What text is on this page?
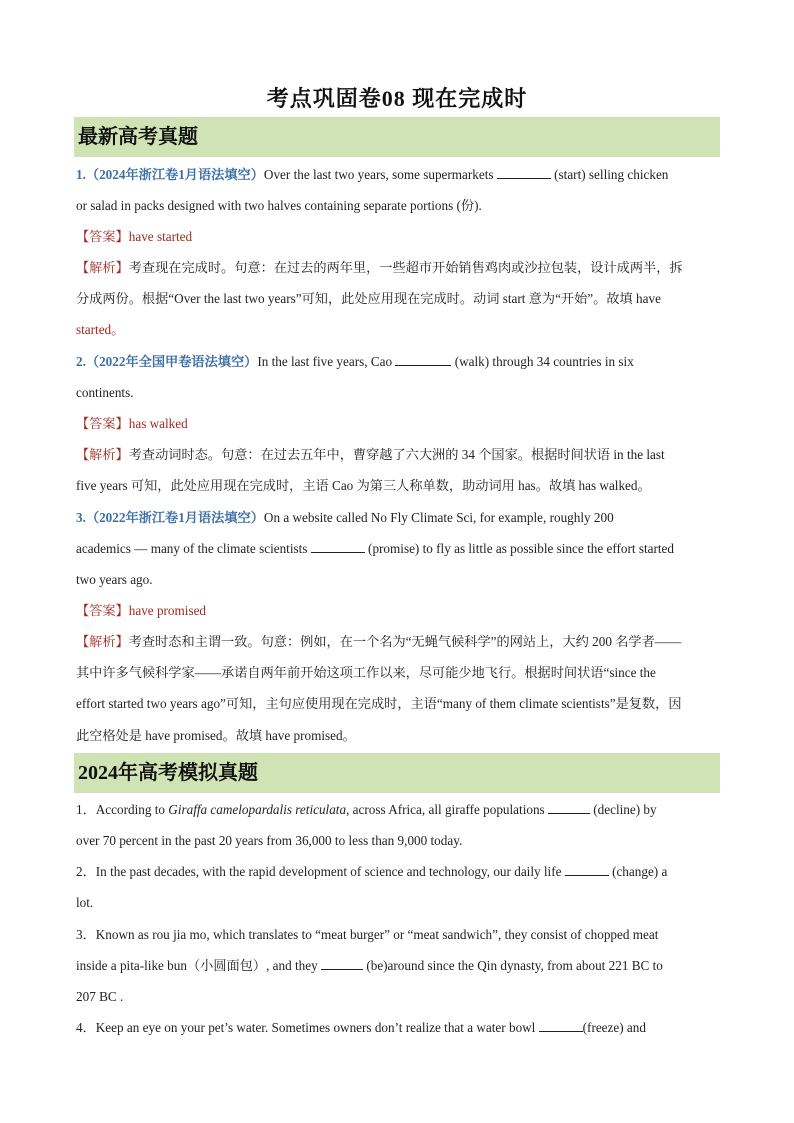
考点巩固卷08 现在完成时
最新高考真题
1.（2024年浙江卷1月语法填空）Over the last two years, some supermarkets	(start) selling chicken
or salad in packs designed with two halves containing separate portions (份).
【答案】have started
【解析】考查现在完成时。句意：在过去的两年里，一些超市开始销售鸡肉或沙拉包装，设计成两半，拆
分成两份。根据“Over the last two years”可知，此处应用现在完成时。动词 start 意为“开始”。故填 have
started。
2.（2022年全国甲卷语法填空）In the last five years, Cao	(walk) through 34 countries in six
continents.
【答案】has walked
【解析】考查动词时态。句意：在过去五年中，曹穿越了六大洲的 34 个国家。根据时间状语 in the last
five years 可知，此处应用现在完成时，主语 Cao 为第三人称单数，助动词用 has。故填 has walked。
3.（2022年浙江卷1月语法填空）On a website called No Fly Climate Sci, for example, roughly 200
academics — many of the climate scientists	(promise) to fly as little as possible since the effort started
two years ago.
【答案】have promised
【解析】考查时态和主谓一致。句意：例如，在一个名为“无蝇气候科学”的网站上，大约 200 名学者——
其中许多气候科学家——承诺自两年前开始这项工作以来，尽可能少地飞行。根据时间状语“since the
effort started two years ago”可知，主句应使用现在完成时，主语“many of them climate scientists”是复数，因
此空格处是 have promised。故填 have promised。
2024年高考模拟真题
1．According to Giraffa camelopardalis reticulata, across Africa, all giraffe populations	(decline) by
over 70 percent in the past 20 years from 36,000 to less than 9,000 today.
2．In the past decades, with the rapid development of science and technology, our daily life	(change) a
lot.
3．Known as rou jia mo, which translates to “meat burger” or “meat sandwich”, they consist of chopped meat
inside a pita-like bun（小圆面包）, and they	(be)around since the Qin dynasty, from about 221 BC to
207 BC .
4．Keep an eye on your pet’s water. Sometimes owners don’t realize that a water bowl	(freeze) and
